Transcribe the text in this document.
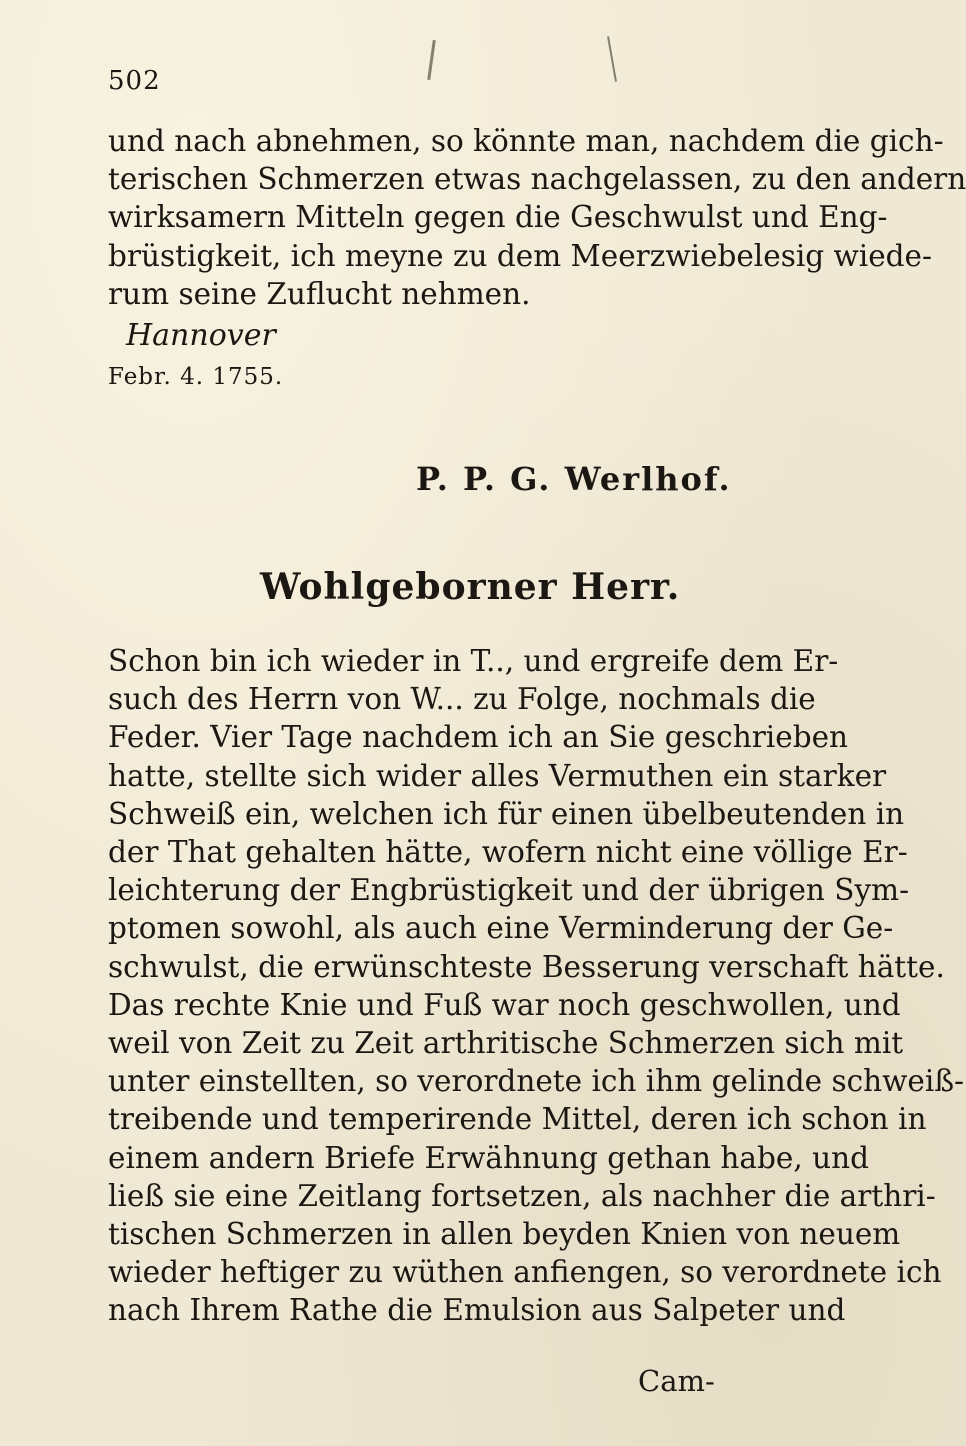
502
und nach abnehmen, so könnte man, nachdem die gich-
terischen Schmerzen etwas nachgelassen, zu den andern
wirksamern Mitteln gegen die Geschwulst und Eng-
brüstigkeit, ich meyne zu dem Meerzwiebelesig wiede-
rum seine Zuflucht nehmen.
Hannover
Febr. 4. 1755.
P. P. G. Werlhof.
Wohlgeborner Herr.
Schon bin ich wieder in T.., und ergreife dem Er-
such des Herrn von W... zu Folge, nochmals die
Feder. Vier Tage nachdem ich an Sie geschrieben
hatte, stellte sich wider alles Vermuthen ein starker
Schweiß ein, welchen ich für einen übelbeutenden in
der That gehalten hätte, wofern nicht eine völlige Er-
leichterung der Engbrüstigkeit und der übrigen Sym-
ptomen sowohl, als auch eine Verminderung der Ge-
schwulst, die erwünschteste Besserung verschaft hätte.
Das rechte Knie und Fuß war noch geschwollen, und
weil von Zeit zu Zeit arthritische Schmerzen sich mit
unter einstellten, so verordnete ich ihm gelinde schweiß-
treibende und temperirende Mittel, deren ich schon in
einem andern Briefe Erwähnung gethan habe, und
ließ sie eine Zeitlang fortsetzen, als nachher die arthri-
tischen Schmerzen in allen beyden Knien von neuem
wieder heftiger zu wüthen anfiengen, so verordnete ich
nach Ihrem Rathe die Emulsion aus Salpeter und
Cam-
